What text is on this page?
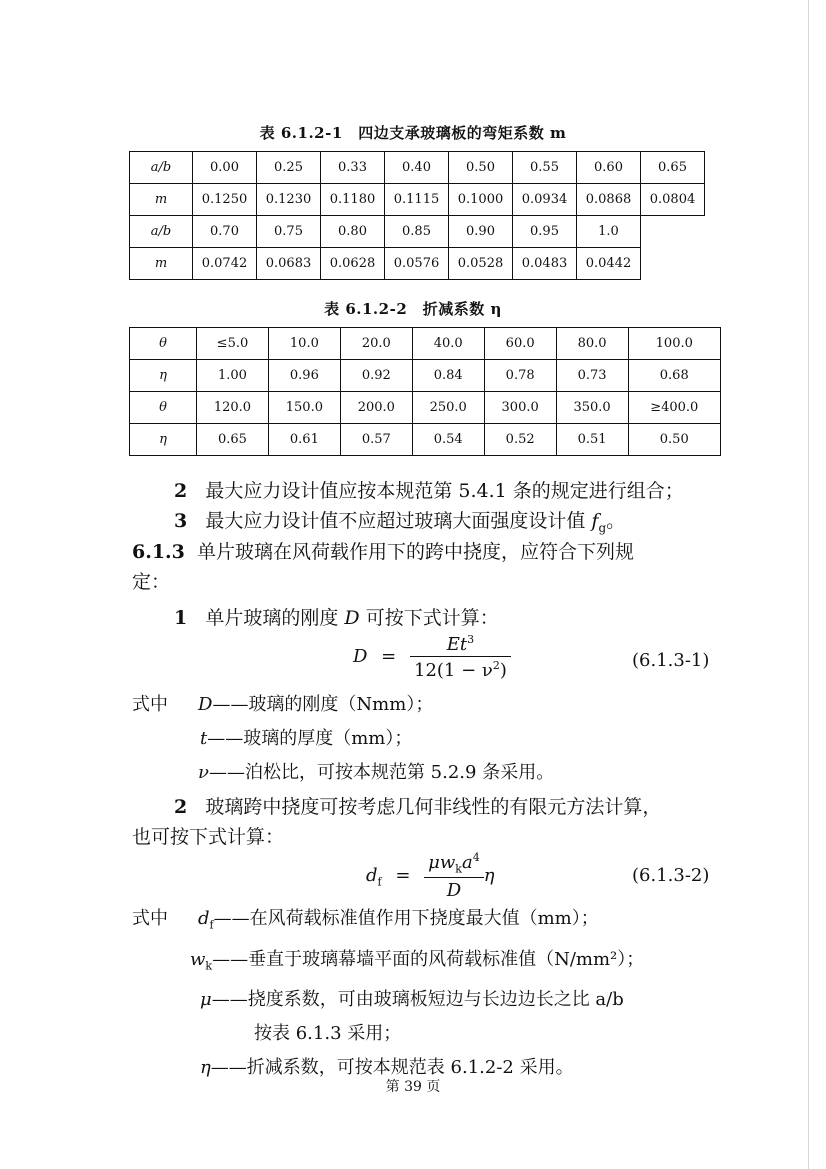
表 6.1.2-1　四边支承玻璃板的弯矩系数 m
a/b	0.00	0.25	0.33	0.40	0.50	0.55	0.60	0.65
m	0.1250	0.1230	0.1180	0.1115	0.1000	0.0934	0.0868	0.0804
a/b	0.70	0.75	0.80	0.85	0.90	0.95	1.0	
m	0.0742	0.0683	0.0628	0.0576	0.0528	0.0483	0.0442	
表 6.1.2-2　折减系数 η
θ	≤5.0	10.0	20.0	40.0	60.0	80.0	100.0
η	1.00	0.96	0.92	0.84	0.78	0.73	0.68
θ	120.0	150.0	200.0	250.0	300.0	350.0	≥400.0
η	0.65	0.61	0.57	0.54	0.52	0.51	0.50
2 最大应力设计值应按本规范第 5.4.1 条的规定进行组合；
3 最大应力设计值不应超过玻璃大面强度设计值 $f_g$。
6.1.3 单片玻璃在风荷载作用下的跨中挠度，应符合下列规
定：
1 单片玻璃的刚度 D 可按下式计算：
$D = \frac{Et^3}{12(1 - \nu^2)}$	(6.1.3-1)
式中 D——玻璃的刚度（Nmm）；
t——玻璃的厚度（mm）；
ν——泊松比，可按本规范第 5.2.9 条采用。
2 玻璃跨中挠度可按考虑几何非线性的有限元方法计算，
也可按下式计算：
$d_f = \frac{\mu w_ka^4}{D}$ η	(6.1.3-2)
式中 $d_f——$在风荷载标准值作用下挠度最大值（mm）；
$w_k——$垂直于玻璃幕墙平面的风荷载标准值（N/mm²）；
μ——挠度系数，可由玻璃板短边与长边边长之比 a/b
按表 6.1.3 采用；
η——折减系数，可按本规范表 6.1.2-2 采用。
第 39 页
